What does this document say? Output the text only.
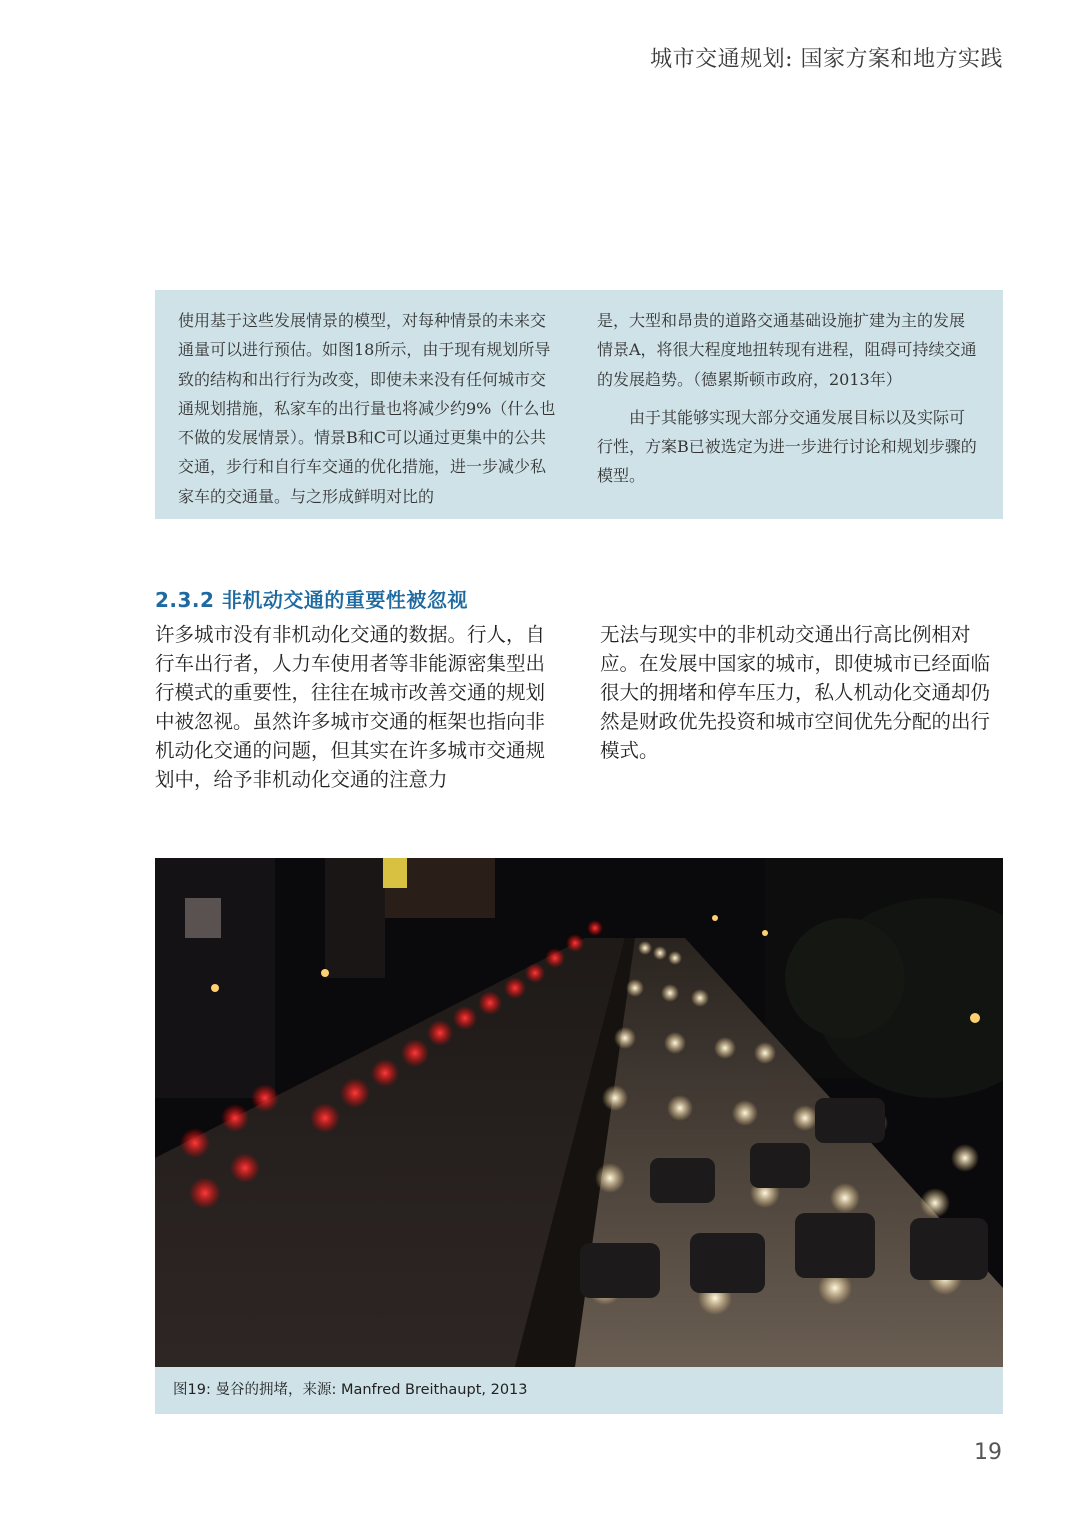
城市交通规划: 国家方案和地方实践

使用基于这些发展情景的模型，对每种情景的未来交通量可以进行预估。如图18所示，由于现有规划所导致的结构和出行行为改变，即使未来没有任何城市交通规划措施，私家车的出行量也将减少约9%（什么也不做的发展情景）。情景B和C可以通过更集中的公共交通，步行和自行车交通的优化措施，进一步减少私家车的交通量。与之形成鲜明对比的

是，大型和昂贵的道路交通基础设施扩建为主的发展情景A，将很大程度地扭转现有进程，阻碍可持续交通的发展趋势。（德累斯顿市政府，2013年）

由于其能够实现大部分交通发展目标以及实际可行性，方案B已被选定为进一步进行讨论和规划步骤的模型。

2.3.2 非机动交通的重要性被忽视

许多城市没有非机动化交通的数据。行人，自行车出行者，人力车使用者等非能源密集型出行模式的重要性，往往在城市改善交通的规划中被忽视。虽然许多城市交通的框架也指向非机动化交通的问题，但其实在许多城市交通规划中，给予非机动化交通的注意力

无法与现实中的非机动交通出行高比例相对应。在发展中国家的城市，即使城市已经面临很大的拥堵和停车压力，私人机动化交通却仍然是财政优先投资和城市空间优先分配的出行模式。

图19: 曼谷的拥堵，来源: Manfred Breithaupt, 2013
19
